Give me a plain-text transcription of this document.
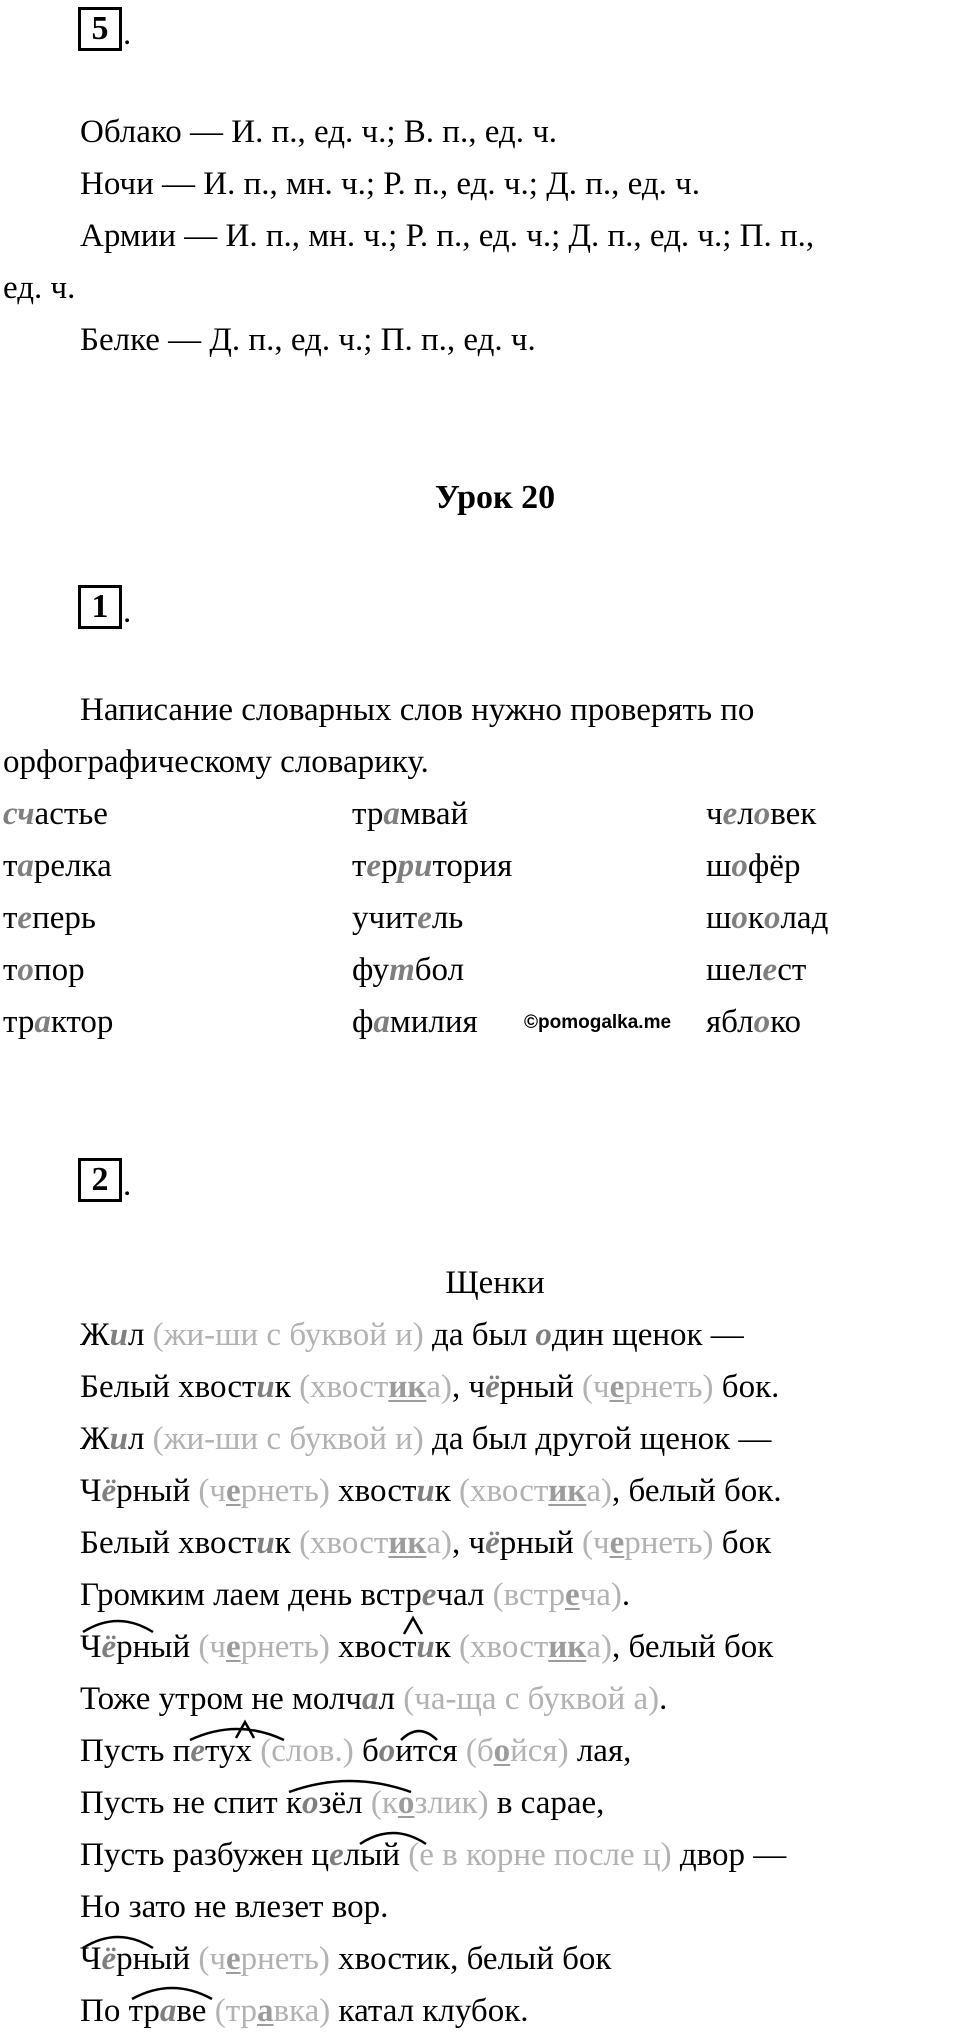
5 .
Облако — И. п., ед. ч.; В. п., ед. ч.
Ночи — И. п., мн. ч.; Р. п., ед. ч.; Д. п., ед. ч.
Армии — И. п., мн. ч.; Р. п., ед. ч.; Д. п., ед. ч.; П. п.,
ед. ч.
Белке — Д. п., ед. ч.; П. п., ед. ч.
Урок 20
1 .
Написание словарных слов нужно проверять по
орфографическому словарику.
счастье
тарелка
теперь
топор
трактор
трамвай
территория
учитель
футбол
фамилия
человек
шофёр
шоколад
шелест
яблоко
©pomogalka.me
2 .
Щенки
Жил (жи-ши с буквой и) да был один щенок —
Белый хвостик (хвостика), чёрный (чернеть) бок.
Жил (жи-ши с буквой и) да был другой щенок —
Чёрный (чернеть) хвостик (хвостика), белый бок.
Белый хвостик (хвостика), чёрный (чернеть) бок
Громким лаем день встречал (встреча).
Чёрный (чернеть) хвостик (хвостика), белый бок
Тоже утром не молчал (ча-ща с буквой а).
Пусть петух (слов.) боится (бойся) лая,
Пусть не спит козёл (козлик) в сарае,
Пусть разбужен целый (е в корне после ц) двор —
Но зато не влезет вор.
Чёрный (чернеть) хвостик, белый бок
По траве (травка) катал клубок.
